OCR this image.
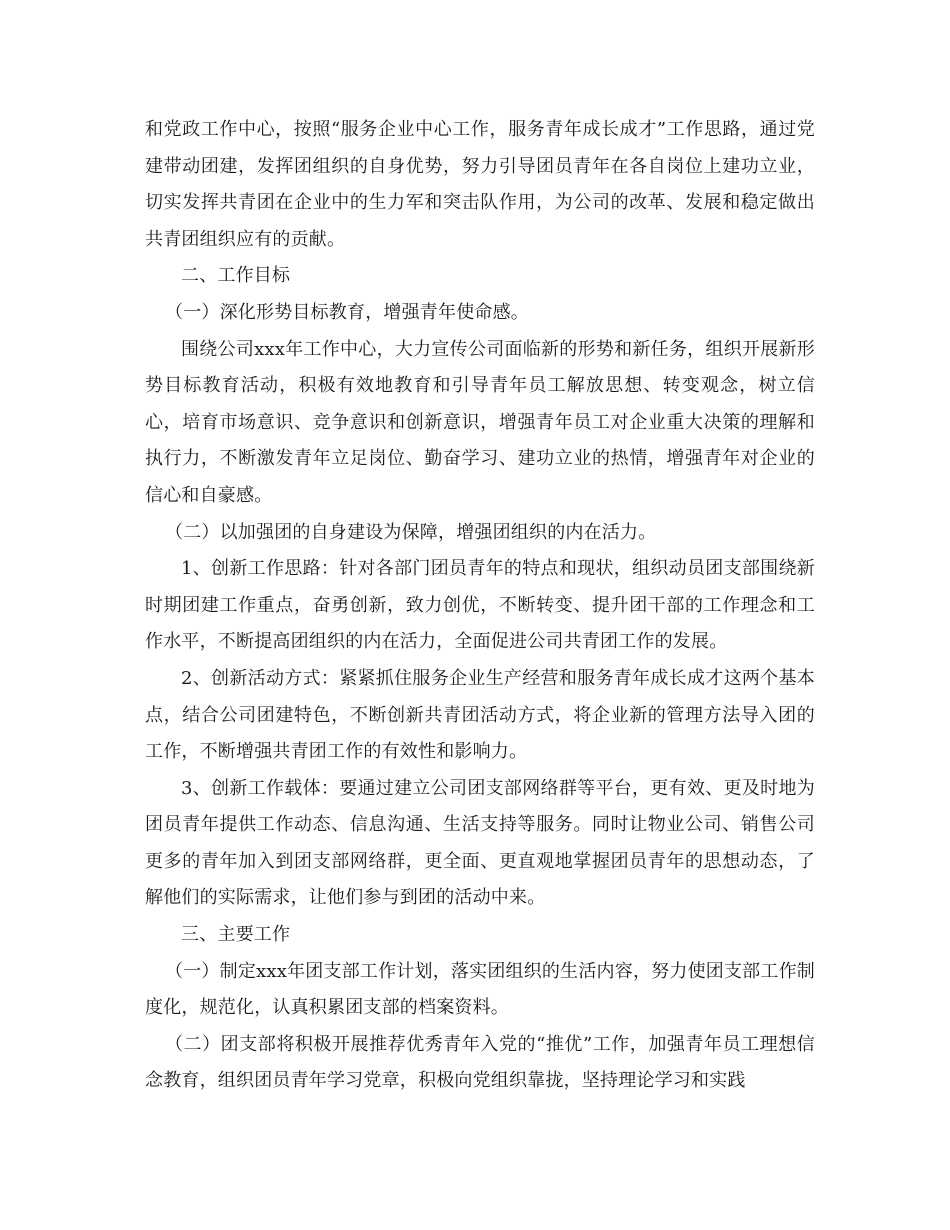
和党政工作中心，按照“服务企业中心工作，服务青年成长成才”工作思路，通过党建带动团建，发挥团组织的自身优势，努力引导团员青年在各自岗位上建功立业，切实发挥共青团在企业中的生力军和突击队作用，为公司的改革、发展和稳定做出共青团组织应有的贡献。

二、工作目标

（一）深化形势目标教育，增强青年使命感。

围绕公司xxx年工作中心，大力宣传公司面临新的形势和新任务，组织开展新形势目标教育活动，积极有效地教育和引导青年员工解放思想、转变观念，树立信心，培育市场意识、竞争意识和创新意识，增强青年员工对企业重大决策的理解和执行力，不断激发青年立足岗位、勤奋学习、建功立业的热情，增强青年对企业的信心和自豪感。

（二）以加强团的自身建设为保障，增强团组织的内在活力。

1、创新工作思路：针对各部门团员青年的特点和现状，组织动员团支部围绕新时期团建工作重点，奋勇创新，致力创优，不断转变、提升团干部的工作理念和工作水平，不断提高团组织的内在活力，全面促进公司共青团工作的发展。

2、创新活动方式：紧紧抓住服务企业生产经营和服务青年成长成才这两个基本点，结合公司团建特色，不断创新共青团活动方式，将企业新的管理方法导入团的工作，不断增强共青团工作的有效性和影响力。

3、创新工作载体：要通过建立公司团支部网络群等平台，更有效、更及时地为团员青年提供工作动态、信息沟通、生活支持等服务。同时让物业公司、销售公司更多的青年加入到团支部网络群，更全面、更直观地掌握团员青年的思想动态，了解他们的实际需求，让他们参与到团的活动中来。

三、主要工作

（一）制定xxx年团支部工作计划，落实团组织的生活内容，努力使团支部工作制度化，规范化，认真积累团支部的档案资料。

（二）团支部将积极开展推荐优秀青年入党的“推优”工作，加强青年员工理想信念教育，组织团员青年学习党章，积极向党组织靠拢，坚持理论学习和实践
